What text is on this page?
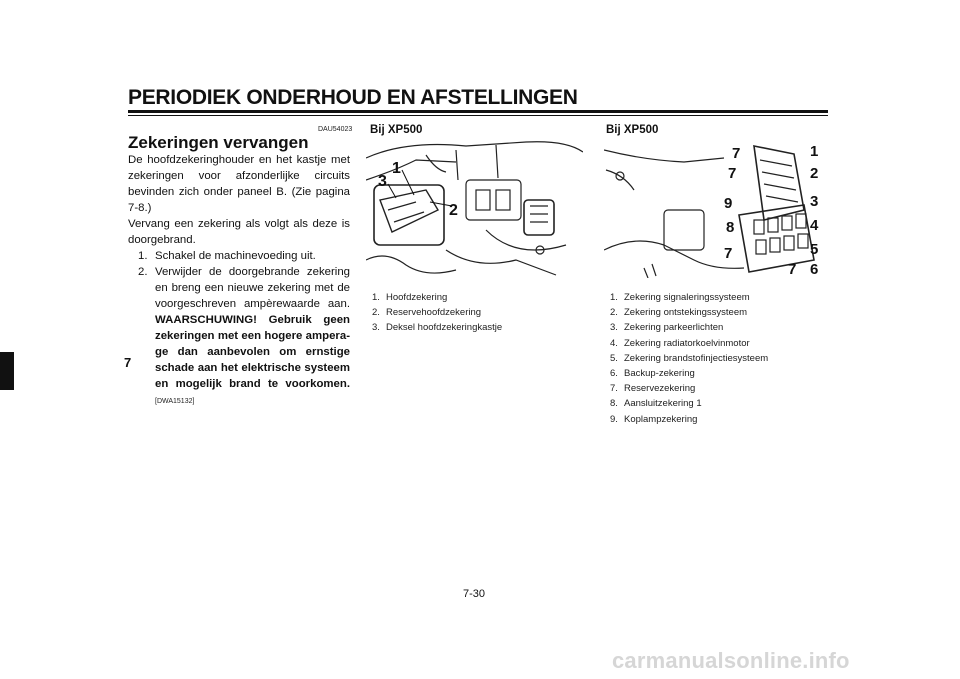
PERIODIEK ONDERHOUD EN AFSTELLINGEN
7
DAU54023
Zekeringen vervangen

De hoofdzekeringhouder en het kastje met zekeringen voor afzonderlijke circuits bevinden zich onder paneel B. (Zie pagina 7-8.)

Vervang een zekering als volgt als deze is doorgebrand.

1. Schakel de machinevoeding uit.
2. Verwijder de doorgebrande zekering en breng een nieuwe zekering met de voorgeschreven ampèrewaarde aan. WAARSCHUWING! Gebruik geen zekeringen met een hogere amperage dan aanbevolen om ernstige schade aan het elektrische systeem en mogelijk brand te voorkomen.[DWA15132]
Bij XP500
1
2
3
1. Hoofdzekering
2. Reservehoofdzekering
3. Deksel hoofdzekeringkastje
Bij XP500
7
7
9
8
7
1
2
3
4
5
6
7
1. Zekering signaleringssysteem
2. Zekering ontstekingssysteem
3. Zekering parkeerlichten
4. Zekering radiatorkoelvinmotor
5. Zekering brandstofinjectiesysteem
6. Backup-zekering
7. Reservezekering
8. Aansluitzekering 1
9. Koplampzekering
7-30
carmanualsonline.info
